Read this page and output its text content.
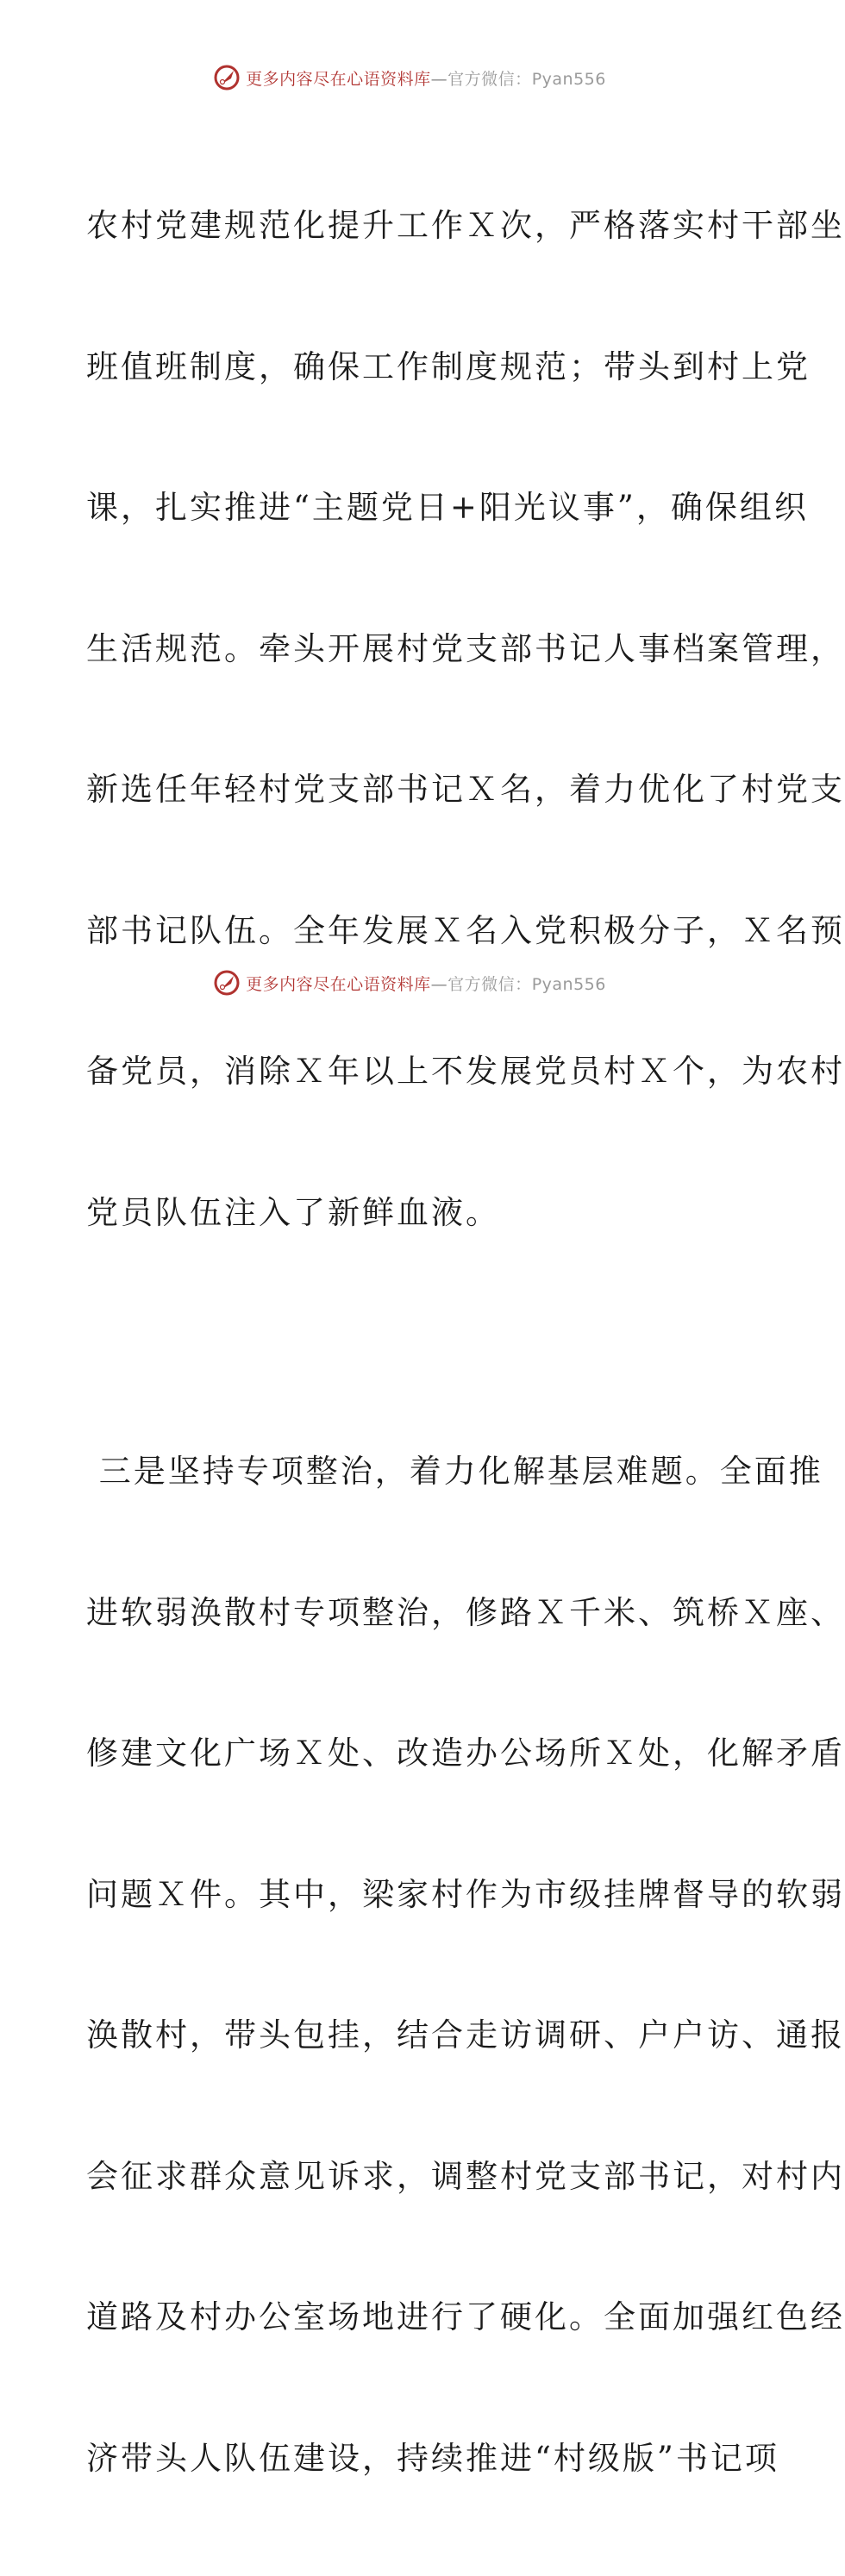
更多内容尽在心语资料库—官方微信：Pyan556

农村党建规范化提升工作Ｘ次，严格落实村干部坐

班值班制度，确保工作制度规范；带头到村上党

课，扎实推进“主题党日+阳光议事”，确保组织

生活规范。牵头开展村党支部书记人事档案管理，

新选任年轻村党支部书记Ｘ名，着力优化了村党支

部书记队伍。全年发展Ｘ名入党积极分子，Ｘ名预

备党员，消除Ｘ年以上不发展党员村Ｘ个，为农村

党员队伍注入了新鲜血液。

三是坚持专项整治，着力化解基层难题。全面推

进软弱涣散村专项整治，修路Ｘ千米、筑桥Ｘ座、

修建文化广场Ｘ处、改造办公场所Ｘ处，化解矛盾

问题Ｘ件。其中，梁家村作为市级挂牌督导的软弱

涣散村，带头包挂，结合走访调研、户户访、通报

会征求群众意见诉求，调整村党支部书记，对村内

道路及村办公室场地进行了硬化。全面加强红色经

济带头人队伍建设，持续推进“村级版”书记项

更多内容尽在心语资料库—官方微信：Pyan556
